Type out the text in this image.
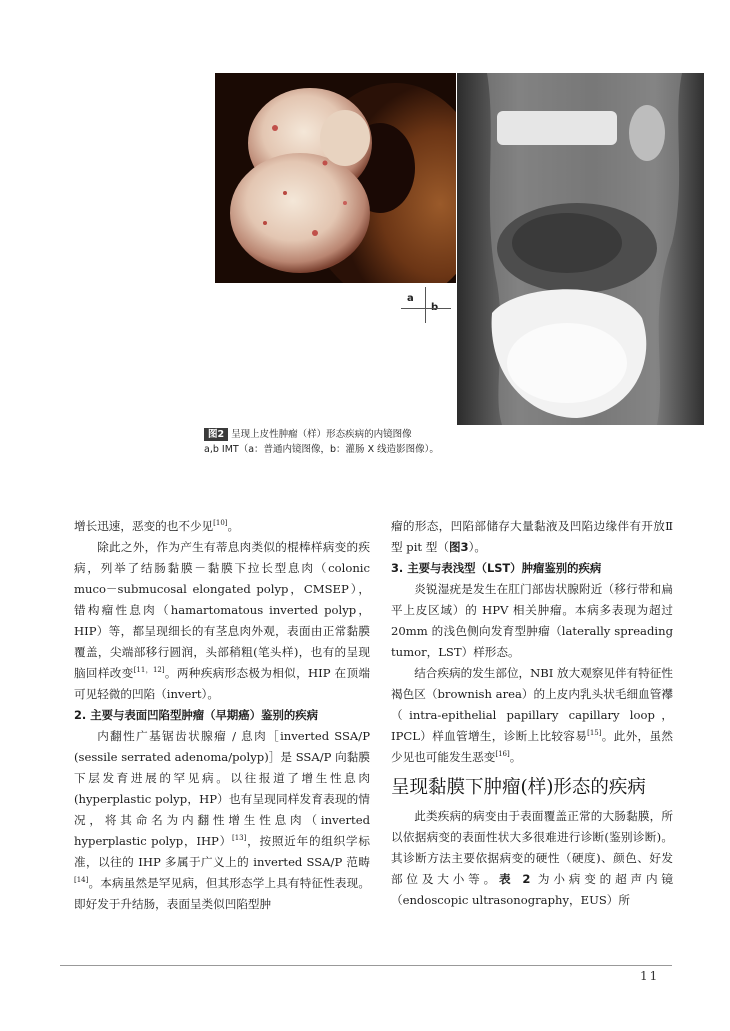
a
图2 呈现上皮性肿瘤（样）形态疾病的内镜图像
a,b IMT（a：普通内镜图像，b：灌肠 X 线造影图像）。

增长迅速，恶变的也不少见[10]。

除此之外，作为产生有蒂息肉类似的棍棒样病变的疾病，列举了结肠黏膜－黏膜下拉长型息肉（colonic muco－submucosal elongated polyp，CMSEP），错构瘤性息肉（hamartomatous inverted polyp，HIP）等，都呈现细长的有茎息肉外观，表面由正常黏膜覆盖，尖端部移行圆润，头部稍粗(笔头样)，也有的呈现脑回样改变[11，12]。两种疾病形态极为相似，HIP 在顶端可见轻微的凹陷（invert）。

2. 主要与表面凹陷型肿瘤（早期癌）鉴别的疾病

内翻性广基锯齿状腺瘤 / 息肉［inverted SSA/P (sessile serrated adenoma/polyp)］是 SSA/P 向黏膜下层发育进展的罕见病。以往报道了增生性息肉(hyperplastic polyp，HP）也有呈现同样发育表现的情况，将其命名为内翻性增生性息肉（inverted hyperplastic polyp，IHP）[13]，按照近年的组织学标准，以往的 IHP 多属于广义上的 inverted SSA/P 范畴[14]。本病虽然是罕见病，但其形态学上具有特征性表现。即好发于升结肠，表面呈类似凹陷型肿

瘤的形态，凹陷部储存大量黏液及凹陷边缘伴有开放Ⅱ型 pit 型（图3）。

3. 主要与表浅型（LST）肿瘤鉴别的疾病

炎锐湿疣是发生在肛门部齿状腺附近（移行带和扁平上皮区域）的 HPV 相关肿瘤。本病多表现为超过 20mm 的浅色侧向发育型肿瘤（laterally spreading tumor，LST）样形态。

结合疾病的发生部位，NBI 放大观察见伴有特征性褐色区（brownish area）的上皮内乳头状毛细血管襻（intra-epithelial papillary capillary loop，IPCL）样血管增生，诊断上比较容易[15]。此外，虽然少见也可能发生恶变[16]。

呈现黏膜下肿瘤(样)形态的疾病

此类疾病的病变由于表面覆盖正常的大肠黏膜，所以依据病变的表面性状大多很难进行诊断(鉴别诊断)。其诊断方法主要依据病变的硬性（硬度)、颜色、好发部位及大小等。表 2 为小病变的超声内镜（endoscopic ultrasonography，EUS）所

11
